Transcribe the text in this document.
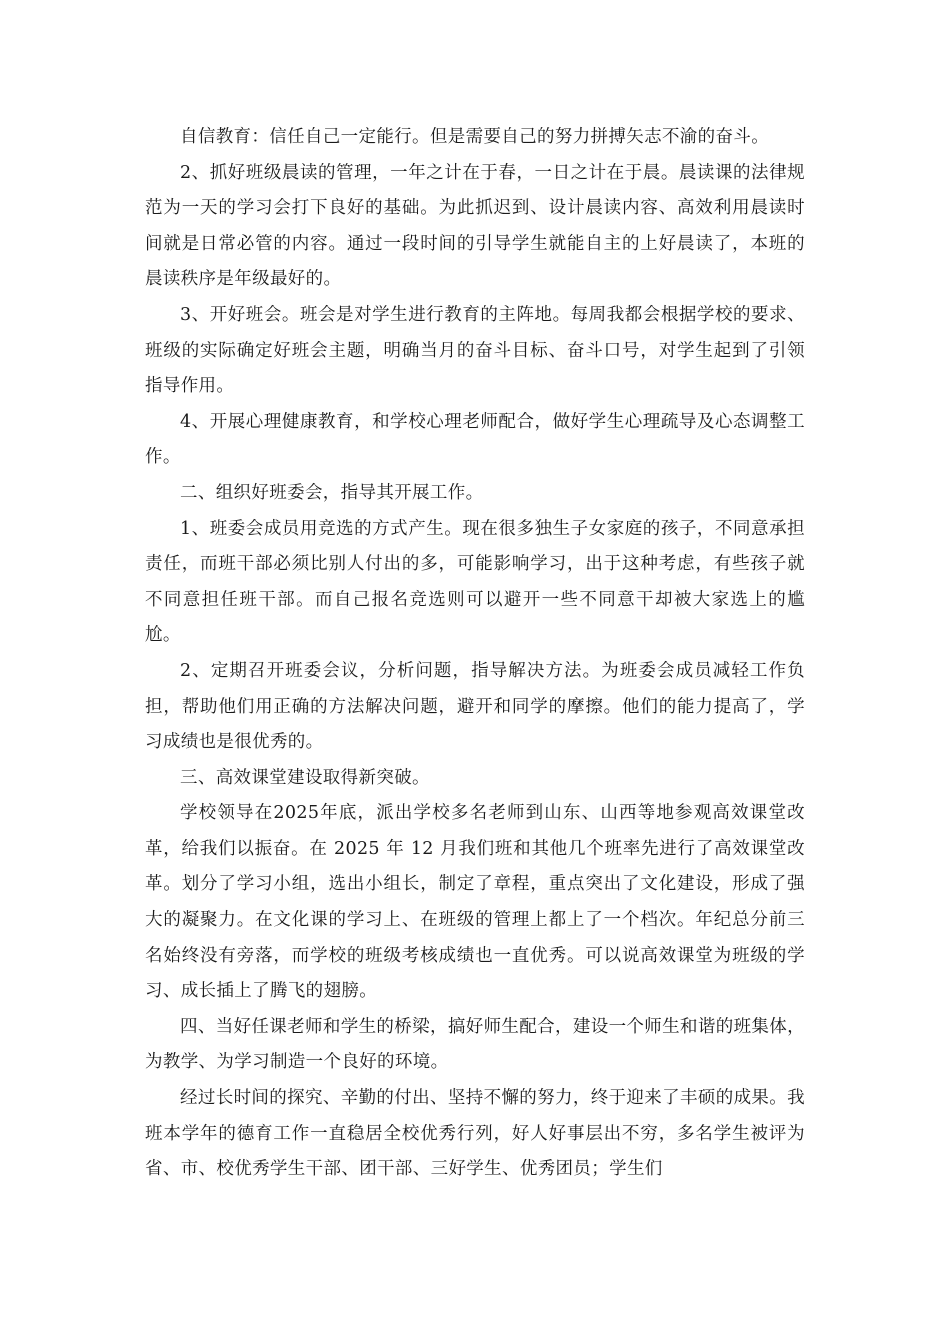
自信教育：信任自己一定能行。但是需要自己的努力拼搏矢志不渝的奋斗。

2、抓好班级晨读的管理，一年之计在于春，一日之计在于晨。晨读课的法律规范为一天的学习会打下良好的基础。为此抓迟到、设计晨读内容、高效利用晨读时间就是日常必管的内容。通过一段时间的引导学生就能自主的上好晨读了，本班的晨读秩序是年级最好的。

3、开好班会。班会是对学生进行教育的主阵地。每周我都会根据学校的要求、班级的实际确定好班会主题，明确当月的奋斗目标、奋斗口号，对学生起到了引领指导作用。

4、开展心理健康教育，和学校心理老师配合，做好学生心理疏导及心态调整工作。

二、组织好班委会，指导其开展工作。

1、班委会成员用竞选的方式产生。现在很多独生子女家庭的孩子，不同意承担责任，而班干部必须比别人付出的多，可能影响学习，出于这种考虑，有些孩子就不同意担任班干部。而自己报名竞选则可以避开一些不同意干却被大家选上的尴尬。

2、定期召开班委会议，分析问题，指导解决方法。为班委会成员减轻工作负担，帮助他们用正确的方法解决问题，避开和同学的摩擦。他们的能力提高了，学习成绩也是很优秀的。

三、高效课堂建设取得新突破。

学校领导在2025年底，派出学校多名老师到山东、山西等地参观高效课堂改革，给我们以振奋。在 2025 年 12 月我们班和其他几个班率先进行了高效课堂改革。划分了学习小组，选出小组长，制定了章程，重点突出了文化建设，形成了强大的凝聚力。在文化课的学习上、在班级的管理上都上了一个档次。年纪总分前三名始终没有旁落，而学校的班级考核成绩也一直优秀。可以说高效课堂为班级的学习、成长插上了腾飞的翅膀。

四、当好任课老师和学生的桥梁，搞好师生配合，建设一个师生和谐的班集体，为教学、为学习制造一个良好的环境。

经过长时间的探究、辛勤的付出、坚持不懈的努力，终于迎来了丰硕的成果。我班本学年的德育工作一直稳居全校优秀行列，好人好事层出不穷，多名学生被评为省、市、校优秀学生干部、团干部、三好学生、优秀团员；学生们
